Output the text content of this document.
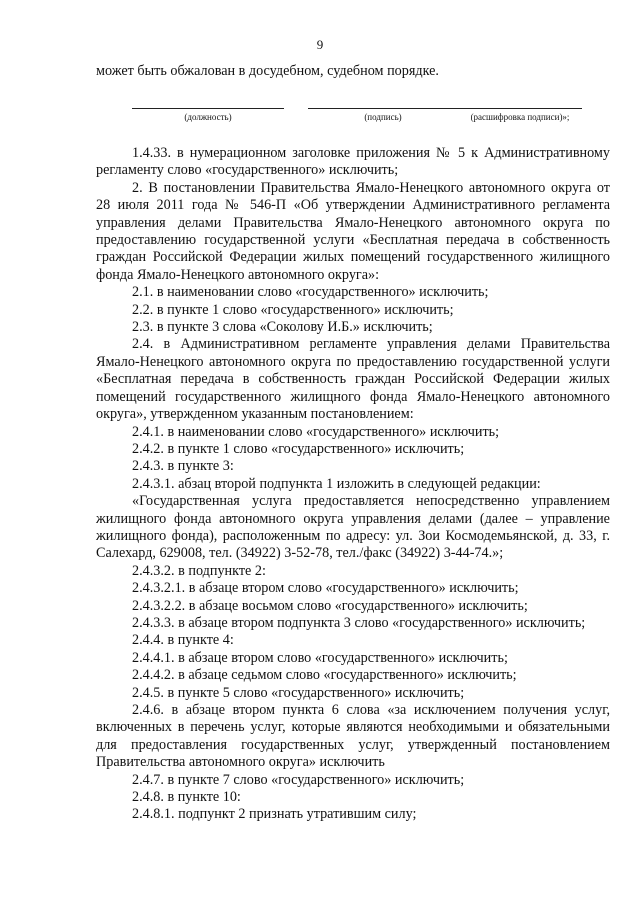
9
может быть обжалован в досудебном, судебном порядке.
(должность)	(подпись)	(расшифровка подписи)»;

1.4.33. в нумерационном заголовке приложения № 5 к Административному регламенту слово «государственного» исключить;

2. В постановлении Правительства Ямало-Ненецкого автономного округа от 28 июля 2011 года № 546-П «Об утверждении Административного регламента управления делами Правительства Ямало-Ненецкого автономного округа по предоставлению государственной услуги «Бесплатная передача в собственность граждан Российской Федерации жилых помещений государственного жилищного фонда Ямало-Ненецкого автономного округа»:

2.1. в наименовании слово «государственного» исключить;

2.2. в пункте 1 слово «государственного» исключить;

2.3. в пункте 3 слова «Соколову И.Б.» исключить;

2.4. в Административном регламенте управления делами Правительства Ямало-Ненецкого автономного округа по предоставлению государственной услуги «Бесплатная передача в собственность граждан Российской Федерации жилых помещений государственного жилищного фонда Ямало-Ненецкого автономного округа», утвержденном указанным постановлением:

2.4.1. в наименовании слово «государственного» исключить;

2.4.2. в пункте 1 слово «государственного» исключить;

2.4.3. в пункте 3:

2.4.3.1. абзац второй подпункта 1 изложить в следующей редакции:

«Государственная услуга предоставляется непосредственно управлением жилищного фонда автономного округа управления делами (далее – управление жилищного фонда), расположенным по адресу: ул. Зои Космодемьянской, д. 33, г. Салехард, 629008, тел. (34922) 3-52-78, тел./факс (34922) 3-44-74.»;

2.4.3.2. в подпункте 2:

2.4.3.2.1. в абзаце втором слово «государственного» исключить;

2.4.3.2.2. в абзаце восьмом слово «государственного» исключить;

2.4.3.3. в абзаце втором подпункта 3 слово «государственного» исключить;

2.4.4. в пункте 4:

2.4.4.1. в абзаце втором слово «государственного» исключить;

2.4.4.2. в абзаце седьмом слово «государственного» исключить;

2.4.5. в пункте 5 слово «государственного» исключить;

2.4.6. в абзаце втором пункта 6 слова «за исключением получения услуг, включенных в перечень услуг, которые являются необходимыми и обязательными для предоставления государственных услуг, утвержденный постановлением Правительства автономного округа» исключить

2.4.7. в пункте 7 слово «государственного» исключить;

2.4.8. в пункте 10:

2.4.8.1. подпункт 2 признать утратившим силу;
